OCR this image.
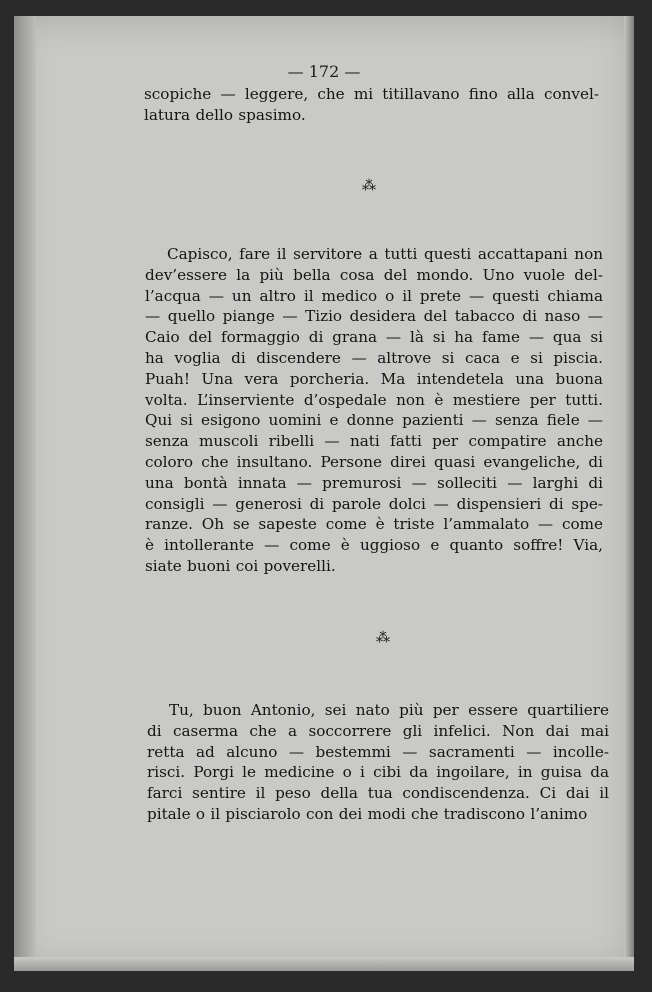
— 172 —
scopiche — leggere, che mi titillavano fino alla convel-
latura dello spasimo.
⁂
Capisco, fare il servitore a tutti questi accattapani non
dev’essere la più bella cosa del mondo. Uno vuole del-
l’acqua — un altro il medico o il prete — questi chiama
— quello piange — Tizio desidera del tabacco di naso —
Caio del formaggio di grana — là si ha fame — qua si
ha voglia di discendere — altrove si caca e si piscia.
Puah! Una vera porcheria. Ma intendetela una buona
volta. L’inserviente d’ospedale non è mestiere per tutti.
Qui si esigono uomini e donne pazienti — senza fiele —
senza muscoli ribelli — nati fatti per compatire anche
coloro che insultano. Persone direi quasi evangeliche, di
una bontà innata — premurosi — solleciti — larghi di
consigli — generosi di parole dolci — dispensieri di spe-
ranze. Oh se sapeste come è triste l’ammalato — come
è intollerante — come è uggioso e quanto soffre! Via,
siate buoni coi poverelli.
⁂
Tu, buon Antonio, sei nato più per essere quartiliere
di caserma che a soccorrere gli infelici. Non dai mai
retta ad alcuno — bestemmi — sacramenti — incolle-
risci. Porgi le medicine o i cibi da ingoilare, in guisa da
farci sentire il peso della tua condiscendenza. Ci dai il
pitale o il pisciarolo con dei modi che tradiscono l’animo
